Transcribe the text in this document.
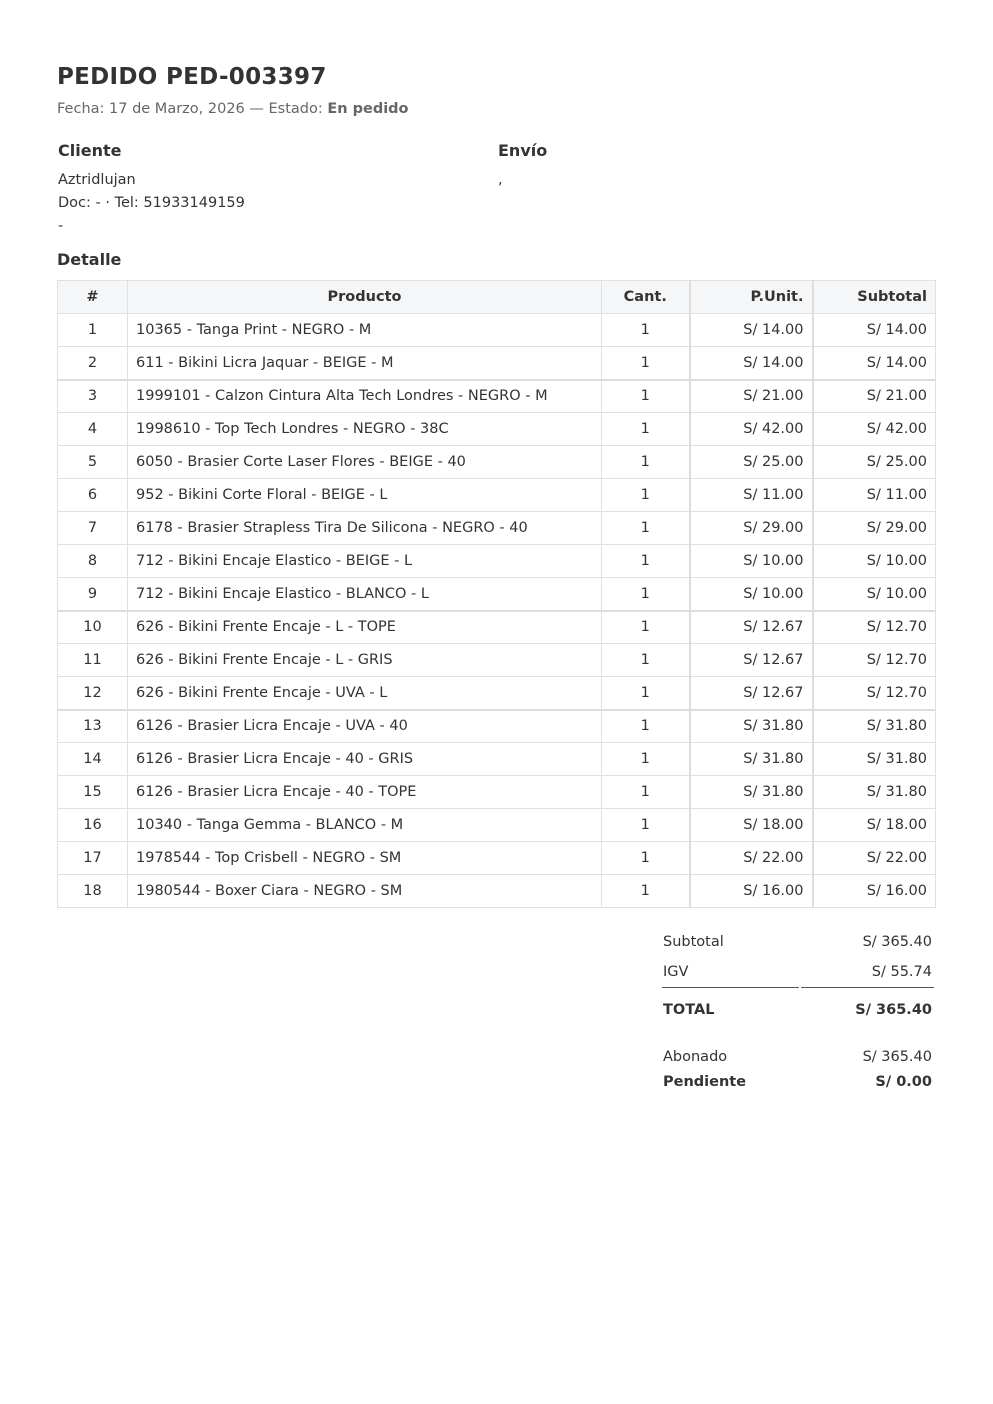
PEDIDO PED-003397
Fecha: 17 de Marzo, 2026 — Estado: En pedido
Cliente
Aztridlujan
Doc: - · Tel: 51933149159
-
Envío
,
Detalle
#	Producto	Cant.	P.Unit.	Subtotal
1	10365 - Tanga Print - NEGRO - M	1	S/ 14.00	S/ 14.00
2	611 - Bikini Licra Jaquar - BEIGE - M	1	S/ 14.00	S/ 14.00
3	1999101 - Calzon Cintura Alta Tech Londres - NEGRO - M	1	S/ 21.00	S/ 21.00
4	1998610 - Top Tech Londres - NEGRO - 38C	1	S/ 42.00	S/ 42.00
5	6050 - Brasier Corte Laser Flores - BEIGE - 40	1	S/ 25.00	S/ 25.00
6	952 - Bikini Corte Floral - BEIGE - L	1	S/ 11.00	S/ 11.00
7	6178 - Brasier Strapless Tira De Silicona - NEGRO - 40	1	S/ 29.00	S/ 29.00
8	712 - Bikini Encaje Elastico - BEIGE - L	1	S/ 10.00	S/ 10.00
9	712 - Bikini Encaje Elastico - BLANCO - L	1	S/ 10.00	S/ 10.00
10	626 - Bikini Frente Encaje - L - TOPE	1	S/ 12.67	S/ 12.70
11	626 - Bikini Frente Encaje - L - GRIS	1	S/ 12.67	S/ 12.70
12	626 - Bikini Frente Encaje - UVA - L	1	S/ 12.67	S/ 12.70
13	6126 - Brasier Licra Encaje - UVA - 40	1	S/ 31.80	S/ 31.80
14	6126 - Brasier Licra Encaje - 40 - GRIS	1	S/ 31.80	S/ 31.80
15	6126 - Brasier Licra Encaje - 40 - TOPE	1	S/ 31.80	S/ 31.80
16	10340 - Tanga Gemma - BLANCO - M	1	S/ 18.00	S/ 18.00
17	1978544 - Top Crisbell - NEGRO - SM	1	S/ 22.00	S/ 22.00
18	1980544 - Boxer Ciara - NEGRO - SM	1	S/ 16.00	S/ 16.00
Subtotal		S/ 365.40
IGV		S/ 55.74
TOTAL		S/ 365.40
Abonado		S/ 365.40
Pendiente		S/ 0.00
